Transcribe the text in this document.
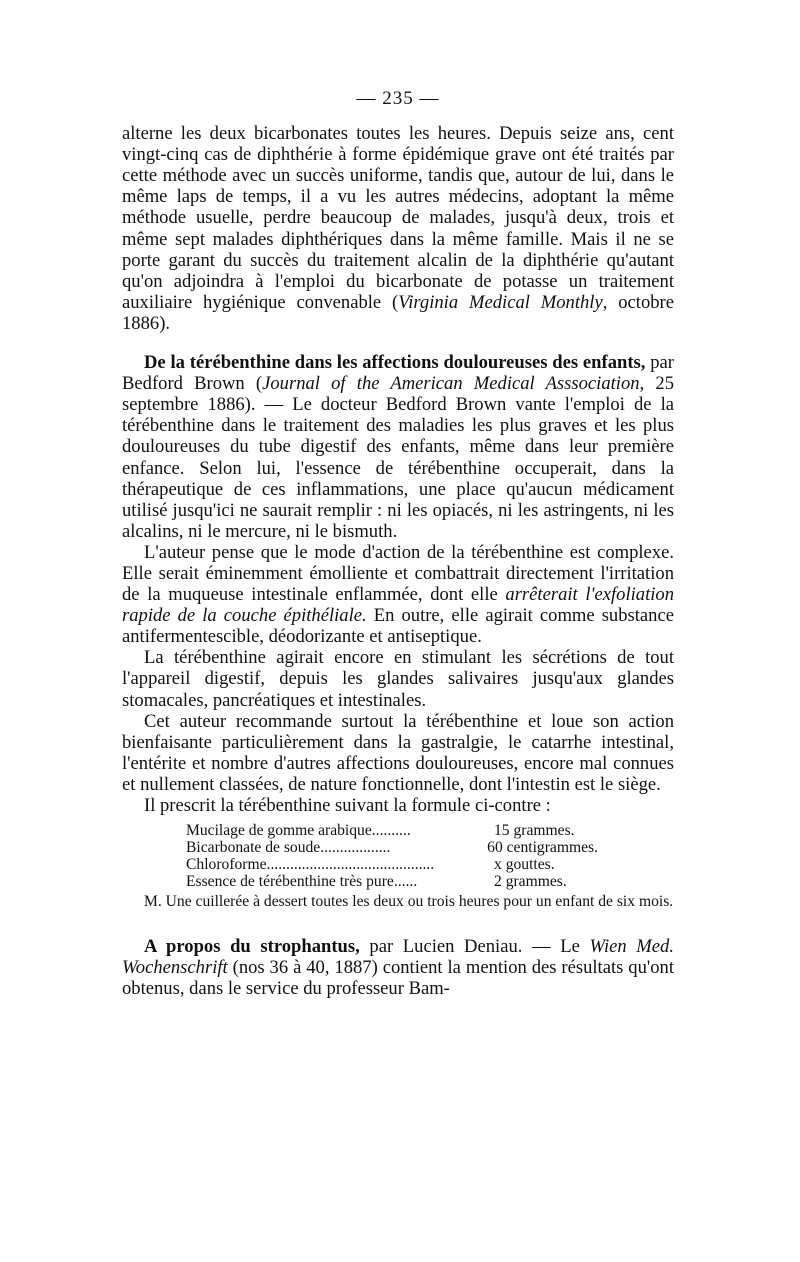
— 235 —

alterne les deux bicarbonates toutes les heures. Depuis seize ans, cent vingt-cinq cas de diphthérie à forme épidémique grave ont été traités par cette méthode avec un succès uniforme, tandis que, autour de lui, dans le même laps de temps, il a vu les autres médecins, adoptant la même méthode usuelle, perdre beaucoup de malades, jusqu'à deux, trois et même sept malades diphthériques dans la même famille. Mais il ne se porte garant du succès du traitement alcalin de la diphthérie qu'autant qu'on adjoindra à l'emploi du bicarbonate de potasse un traitement auxiliaire hygiénique convenable (Virginia Medical Monthly, octobre 1886).

De la térébenthine dans les affections douloureuses des enfants, par Bedford Brown (Journal of the American Medical Asssociation, 25 septembre 1886). — Le docteur Bedford Brown vante l'emploi de la térébenthine dans le traitement des maladies les plus graves et les plus douloureuses du tube digestif des enfants, même dans leur première enfance. Selon lui, l'essence de térébenthine occuperait, dans la thérapeutique de ces inflammations, une place qu'aucun médicament utilisé jusqu'ici ne saurait remplir : ni les opiacés, ni les astringents, ni les alcalins, ni le mercure, ni le bismuth.

L'auteur pense que le mode d'action de la térébenthine est complexe. Elle serait éminemment émolliente et combattrait directement l'irritation de la muqueuse intestinale enflammée, dont elle arrêterait l'exfoliation rapide de la couche épithéliale. En outre, elle agirait comme substance antifermentescible, déodorizante et antiseptique.

La térébenthine agirait encore en stimulant les sécrétions de tout l'appareil digestif, depuis les glandes salivaires jusqu'aux glandes stomacales, pancréatiques et intestinales.

Cet auteur recommande surtout la térébenthine et loue son action bienfaisante particulièrement dans la gastralgie, le catarrhe intestinal, l'entérite et nombre d'autres affections douloureuses, encore mal connues et nullement classées, de nature fonctionnelle, dont l'intestin est le siège.

Il prescrit la térébenthine suivant la formule ci-contre :

Mucilage de gomme arabique ..........	15 grammes.
Bicarbonate de soude ..................	60 centigrammes.
Chloroforme ...........................................	x gouttes.
Essence de térébenthine très pure ......	2 grammes.

M. Une cuillerée à dessert toutes les deux ou trois heures pour un enfant de six mois.

A propos du strophantus, par Lucien Deniau. — Le Wien Med. Wochenschrift (nos 36 à 40, 1887) contient la mention des résultats qu'ont obtenus, dans le service du professeur Bam-
